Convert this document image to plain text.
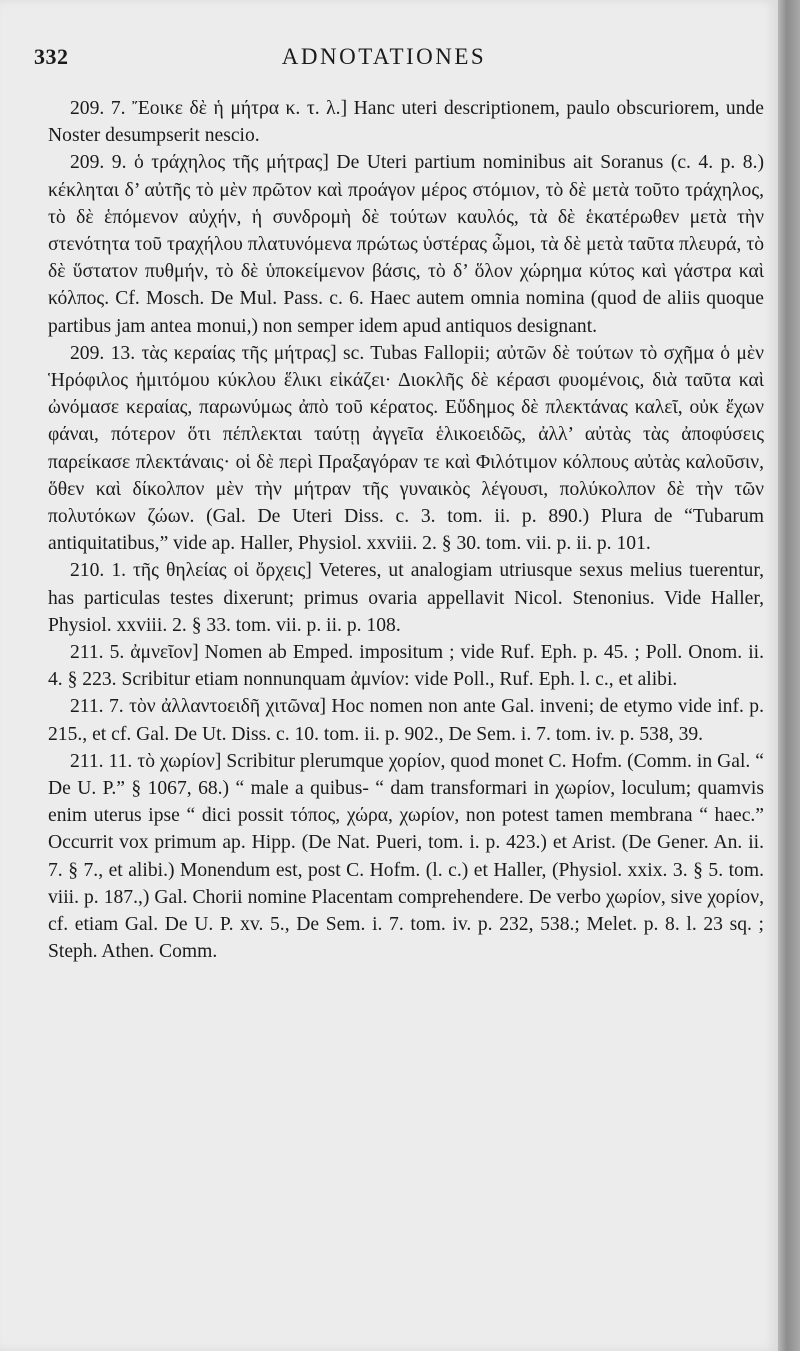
332	ADNOTATIONES

209. 7. Ἔοικε δὲ ἡ μήτρα κ. τ. λ.] Hanc uteri descriptionem, paulo obscuriorem, unde Noster desumpserit nescio.

209. 9. ὁ τράχηλος τῆς μήτρας] De Uteri partium nominibus ait Soranus (c. 4. p. 8.) κέκληται δ’ αὐτῆς τὸ μὲν πρῶτον καὶ προάγον μέρος στόμιον, τὸ δὲ μετὰ τοῦτο τράχηλος, τὸ δὲ ἑπόμενον αὐχήν, ἡ συνδρομὴ δὲ τούτων καυλός, τὰ δὲ ἑκατέρωθεν μετὰ τὴν στενότητα τοῦ τραχήλου πλατυνόμενα πρώτως ὑστέρας ὦμοι, τὰ δὲ μετὰ ταῦτα πλευρά, τὸ δὲ ὕστατον πυθμήν, τὸ δὲ ὑποκείμενον βάσις, τὸ δ’ ὅλον χώρημα κύτος καὶ γάστρα καὶ κόλπος. Cf. Mosch. De Mul. Pass. c. 6. Haec autem omnia nomina (quod de aliis quoque partibus jam antea monui,) non semper idem apud antiquos designant.

209. 13. τὰς κεραίας τῆς μήτρας] sc. Tubas Fallopii; αὐτῶν δὲ τούτων τὸ σχῆμα ὁ μὲν Ἡρόφιλος ἡμιτόμου κύκλου ἕλικι εἰκάζει· Διοκλῆς δὲ κέρασι φυομένοις, διὰ ταῦτα καὶ ὠνόμασε κεραίας, παρωνύμως ἀπὸ τοῦ κέρατος. Εὔδημος δὲ πλεκτάνας καλεῖ, οὐκ ἔχων φάναι, πότερον ὅτι πέπλεκται ταύτῃ ἀγγεῖα ἑλικοειδῶς, ἀλλ’ αὐτὰς τὰς ἀποφύσεις παρείκασε πλεκτάναις· οἱ δὲ περὶ Πραξαγόραν τε καὶ Φιλότιμον κόλπους αὐτὰς καλοῦσιν, ὅθεν καὶ δίκολπον μὲν τὴν μήτραν τῆς γυναικὸς λέγουσι, πολύκολπον δὲ τὴν τῶν πολυτόκων ζώων. (Gal. De Uteri Diss. c. 3. tom. ii. p. 890.) Plura de “Tubarum antiquitatibus,” vide ap. Haller, Physiol. xxviii. 2. § 30. tom. vii. p. ii. p. 101.

210. 1. τῆς θηλείας οἱ ὄρχεις] Veteres, ut analogiam utriusque sexus melius tuerentur, has particulas testes dixerunt; primus ovaria appellavit Nicol. Stenonius. Vide Haller, Physiol. xxviii. 2. § 33. tom. vii. p. ii. p. 108.

211. 5. ἀμνεῖον] Nomen ab Emped. impositum ; vide Ruf. Eph. p. 45. ; Poll. Onom. ii. 4. § 223. Scribitur etiam nonnunquam ἀμνίον: vide Poll., Ruf. Eph. l. c., et alibi.

211. 7. τὸν ἀλλαντοειδῆ χιτῶνα] Hoc nomen non ante Gal. inveni; de etymo vide inf. p. 215., et cf. Gal. De Ut. Diss. c. 10. tom. ii. p. 902., De Sem. i. 7. tom. iv. p. 538, 39.

211. 11. τὸ χωρίον] Scribitur plerumque χορίον, quod monet C. Hofm. (Comm. in Gal. “ De U. P.” § 1067, 68.) “ male a quibus- “ dam transformari in χωρίον, loculum; quamvis enim uterus ipse “ dici possit τόπος, χώρα, χωρίον, non potest tamen membrana “ haec.” Occurrit vox primum ap. Hipp. (De Nat. Pueri, tom. i. p. 423.) et Arist. (De Gener. An. ii. 7. § 7., et alibi.) Monendum est, post C. Hofm. (l. c.) et Haller, (Physiol. xxix. 3. § 5. tom. viii. p. 187.,) Gal. Chorii nomine Placentam comprehendere. De verbo χωρίον, sive χορίον, cf. etiam Gal. De U. P. xv. 5., De Sem. i. 7. tom. iv. p. 232, 538.; Melet. p. 8. l. 23 sq. ; Steph. Athen. Comm.
